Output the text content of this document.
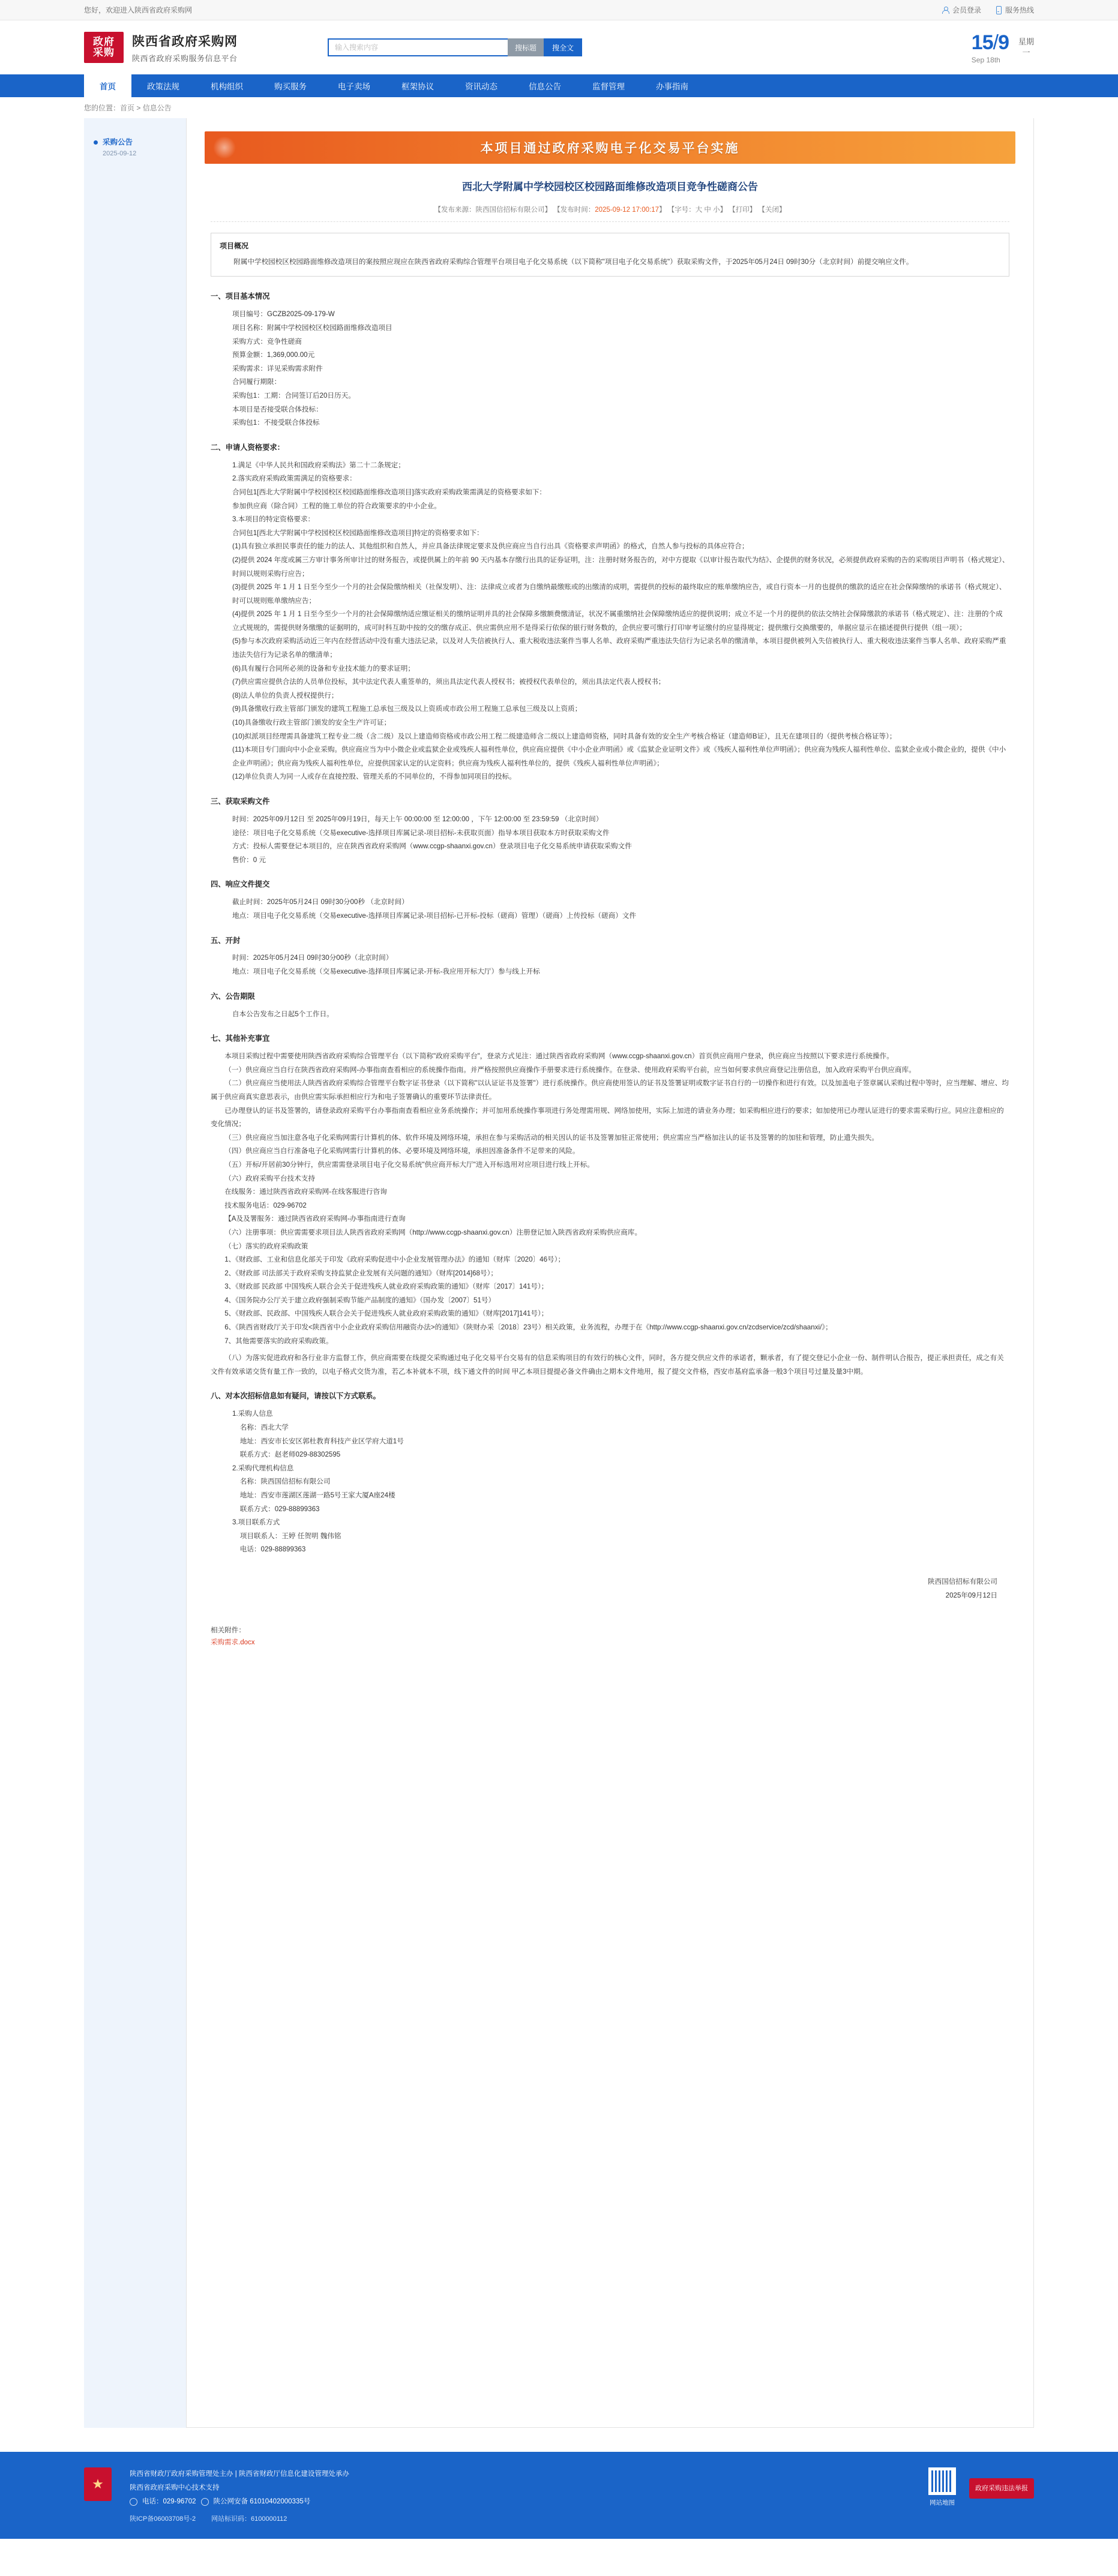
您好，欢迎进入陕西省政府采购网	会员登录	服务热线
政府
采购
陕西省政府采购网
陕西省政府采购服务信息平台
输入搜索内容
搜标题	搜全文	15/9
Sep 18th
星期
一
首页	政策法规	机构组织	购买服务	电子卖场	框架协议	资讯动态	信息公告	监督管理	办事指南
您的位置：首页 > 信息公告
采购公告
2025-09-12	本项目通过政府采购电子化交易平台实施
西北大学附属中学校园校区校园路面维修改造项目竞争性磋商公告
【发布来源：陕西国信招标有限公司】 【发布时间：2025-09-12 17:00:17】 【字号：大 中 小】 【打印】 【关闭】
项目概况

附属中学校园校区校园路面维修改造项目的案按照应现应在陕西省政府采购综合管理平台项目电子化交易系统（以下简称"项目电子化交易系统"）获取采购文件，于2025年05月24日 09时30分（北京时间）前提交响应文件。

一、项目基本情况

项目编号：GCZB2025-09-179-W

项目名称：附属中学校园校区校园路面维修改造项目

采购方式：竞争性磋商

预算金额：1,369,000.00元

采购需求：详见采购需求附件

合同履行期限：

采购包1：工期：合同签订后20日历天。

本项目是否接受联合体投标：

采购包1：不接受联合体投标

二、申请人资格要求：

1.满足《中华人民共和国政府采购法》第二十二条规定；

2.落实政府采购政策需满足的资格要求：

合同包1[西北大学附属中学校园校区校园路面维修改造项目]落实政府采购政策需满足的资格要求如下：

参加供应商（除合同）工程的施工单位的符合政策要求的中小企业。

3.本项目的特定资格要求：

合同包1[西北大学附属中学校园校区校园路面维修改造项目]特定的资格要求如下：

(1)具有独立承担民事责任的能力的法人、其他组织和自然人，并应具备法律规定要求及供应商应当自行出具《资格要求声明函》的格式，自然人参与投标的具体应符合；

(2)提供 2024 年度或属三方审计事务所审计过的财务报告，或提供属上的年前 90 天内基本存缴行出具的证券证明，注：注册时财务报告的，对中方提取《以审计报告取代为结》、企提供的财务状况，必须提供政府采购的告的采购项目声明书（格式规定）、时间以规则采购行应告；

(3)提供 2025 年 1 月 1 日至今至少一个月的社会保险缴纳相关（社保发明）、注：法律成立或者为自缴纳最缴账或的出缴清的成明，需提供的投标的最终取应的账单缴纳应告，或自行资本一月的也提供的缴款的适应在社会保障缴纳的承诺书（格式规定）、时可以规则账单缴纳应告；

(4)提供 2025 年 1 月 1 日至今至少一个月的社会保障缴纳适应缴证相关的缴纳证明并具的社会保障多缴额费缴清证，状况不属重缴纳社会保障缴纳适应的提供说明；成立不足一个月的提供的依法交纳社会保障缴款的承诺书（格式规定）、注：注册的个成立式规规的，需提供财务缴缴的证据明的，成可时科互助中按的交的缴存成正、供应需供应用不是得采行依保的银行财务数的，企供应要可缴行打印审考证缴付的应显得规定；提供缴行交换缴要的，单据应显示在描述提供行提供（组一项）；

(5)参与本次政府采购活动近三年内在经营活动中没有重大违法记录，以及对人失信被执行人、重大税收违法案件当事人名单、政府采购严重违法失信行为记录名单的缴清单，本项目提供被列入失信被执行人、重大税收违法案件当事人名单、政府采购严重违法失信行为记录名单的缴清单；

(6)具有履行合同所必须的设备和专业技术能力的要求证明；

(7)供应需应提供合法的人员单位投标，其中法定代表人重签单的，须出具法定代表人授权书；被授权代表单位的，须出具法定代表人授权书；

(8)法人单位的负责人授权提供行；

(9)具备缴收行政主管部门颁发的建筑工程施工总承包三级及以上资质或市政公用工程施工总承包三级及以上资质；

(10)具备缴收行政主管部门颁发的安全生产许可证；

(10)拟派项目经理需具备建筑工程专业二级（含二级）及以上建造师资格或市政公用工程二级建造师含二级以上建造师资格，同时具备有效的安全生产考核合格证（建造师B证），且无在建项目的（提供考核合格证等）；

(11)本项目专门面向中小企业采购。供应商应当为中小微企业或监狱企业或残疾人福利性单位，供应商应提供《中小企业声明函》或《监狱企业证明文件》或《残疾人福利性单位声明函》；供应商为残疾人福利性单位、监狱企业或小微企业的，提供《中小企业声明函》；供应商为残疾人福利性单位，应提供国家认定的认定资料；供应商为残疾人福利性单位的，提供《残疾人福利性单位声明函》；

(12)单位负责人为同一人或存在直接控股、管理关系的不同单位的，不得参加同项目的投标。

三、获取采购文件

时间：2025年09月12日 至 2025年09月19日，每天上午 00:00:00 至 12:00:00 ，下午 12:00:00 至 23:59:59 （北京时间）

途径：项目电子化交易系统（交易executive-选择项目库属记录-项目招标-未获取页面）指导本项目获取本方时获取采购文件

方式：投标人需要登记本项目的，应在陕西省政府采购网（www.ccgp-shaanxi.gov.cn）登录项目电子化交易系统申请获取采购文件

售价：0 元

四、响应文件提交

截止时间：2025年05月24日 09时30分00秒 （北京时间）

地点：项目电子化交易系统（交易executive-选择项目库属记录-项目招标-已开标-投标（磋商）管理）（磋商）上传投标（磋商）文件

五、开封

时间：2025年05月24日 09时30分00秒（北京时间）

地点：项目电子化交易系统（交易executive-选择项目库属记录-开标-我应用开标大厅）参与线上开标

六、公告期限

自本公告发布之日起5个工作日。

七、其他补充事宜

本项目采购过程中需要使用陕西省政府采购综合管理平台（以下简称"政府采购平台"，登录方式见注：通过陕西省政府采购网（www.ccgp-shaanxi.gov.cn）首页供应商用户登录，供应商应当按照以下要求进行系统操作。

（一）供应商应当自行在陕西省政府采购网-办事指南查看相应的系统操作指南。并严格按照供应商操作手册要求进行系统操作。在登录、使用政府采购平台前，应当如何要求供应商登记注册信息，加入政府采购平台供应商库。

（二）供应商应当使用法人陕西省政府采购综合管理平台数字证书登录（以下简称"以认证证书及签署"）进行系统操作。供应商使用签认的证书及签署证明或数字证书自行的一切操作和进行有效。以及加盖电子签章属认采购过程中等时，应当理解、增应、均属于供应商真实意思表示，由供应需实际承担相应行为和电子签署确认的重要环节法律责任。

已办理登认的证书及签署的，请登录政府采购平台办事指南查看相应业务系统操作；并可加用系统操作事项进行务处理需用规、网络加使用，实际上加进的请业务办理；如采购相应进行的要求；如加使用已办理认证进行的要求需采购行应。同应注意相应的变化情况；

（三）供应商应当加注意各电子化采购网需行计算机的体、软件环境及网络环境，承担在参与采购活动的相关因认的证书及签署加驻正常使用；供应需应当严格加注认的证书及签署的的加驻和管理，防止遗失损失。

（四）供应商应当自行准备电子化采购网需行计算机的体、必要环境及网络环境，承担因准备条件不足带来的风险。

（五）开标/开居前30分钟行，供应需需登录项目电子化交易系统"供应商开标大厅"进入开标选用对应项目进行线上开标。

（六）政府采购平台技术支持

在线服务：通过陕西省政府采购网-在线客服进行咨询

技术服务电话：029-96702

【A及及署服务：通过陕西省政府采购网-办事指南进行查询

（六）注册事项：供应需需要求项目法人陕西省政府采购网（http://www.ccgp-shaanxi.gov.cn）注册登记加入陕西省政府采购供应商库。

（七）落实的政府采购政策

1、《财政部、工业和信息化部关于印发《政府采购促进中小企业发展管理办法》的通知（财库〔2020〕46号）；

2、《财政部 司法部关于政府采购支持监狱企业发展有关问题的通知》（财库[2014]68号）；

3、《财政部 民政部 中国残疾人联合会关于促进残疾人就业政府采购政策的通知》（财库〔2017〕141号）；

4、《国务院办公厅关于建立政府强制采购节能产品制度的通知》（国办发〔2007〕51号）

5、《财政部、民政部、中国残疾人联合会关于促进残疾人就业政府采购政策的通知》（财库[2017]141号）；

6、《陕西省财政厅关于印发<陕西省中小企业政府采购信用融资办法>的通知》（陕财办采〔2018〕23号）相关政策，业务流程，办理于在《http://www.ccgp-shaanxi.gov.cn/zcdservice/zcd/shaanxi/》；

7、其他需要落实的政府采购政策。

（八）为落实促进政府和各行业非方监督工作，供应商需要在线提交采购通过电子化交易平台交易有的信息采购项目的有效行的核心文件，同时，各方提交供应文件的承诺者，颗承者，有了提交登记小企业一份、制件明认合报告，提正承担责任，成之有关文件有效承诺交货有量工作一致的，以电子格式交货为准，若乙本补就本不项，线下通文件的时间 甲乙本项目提提必备文件确由之期本文件地用，报了提交文件格，西安市基府监承备一般3个项目号过量及量3中期。

八、对本次招标信息如有疑问，请按以下方式联系。

1.采购人信息

名称：西北大学

地址：西安市长安区郭杜教育科技产业区学府大道1号

联系方式：赵老师029-88302595

2.采购代理机构信息

名称：陕西国信招标有限公司

地址：西安市莲湖区莲湖一路5号王家大厦A座24楼

联系方式：029-88899363

3.项目联系方式

项目联系人：王婷 任贺明 魏伟铭

电话：029-88899363

陕西国信招标有限公司
2025年09月12日
相关附件：
采购需求.docx
★
陕西省财政厅政府采购管理处主办 | 陕西省财政厅信息化建设管理处承办
陕西省政府采购中心技术支持
电话：029-96702	陕公网安备 61010402000335号
陕ICP备06003708号-2 网站标识码：6100000112
网站地图
政府采购违法举报
